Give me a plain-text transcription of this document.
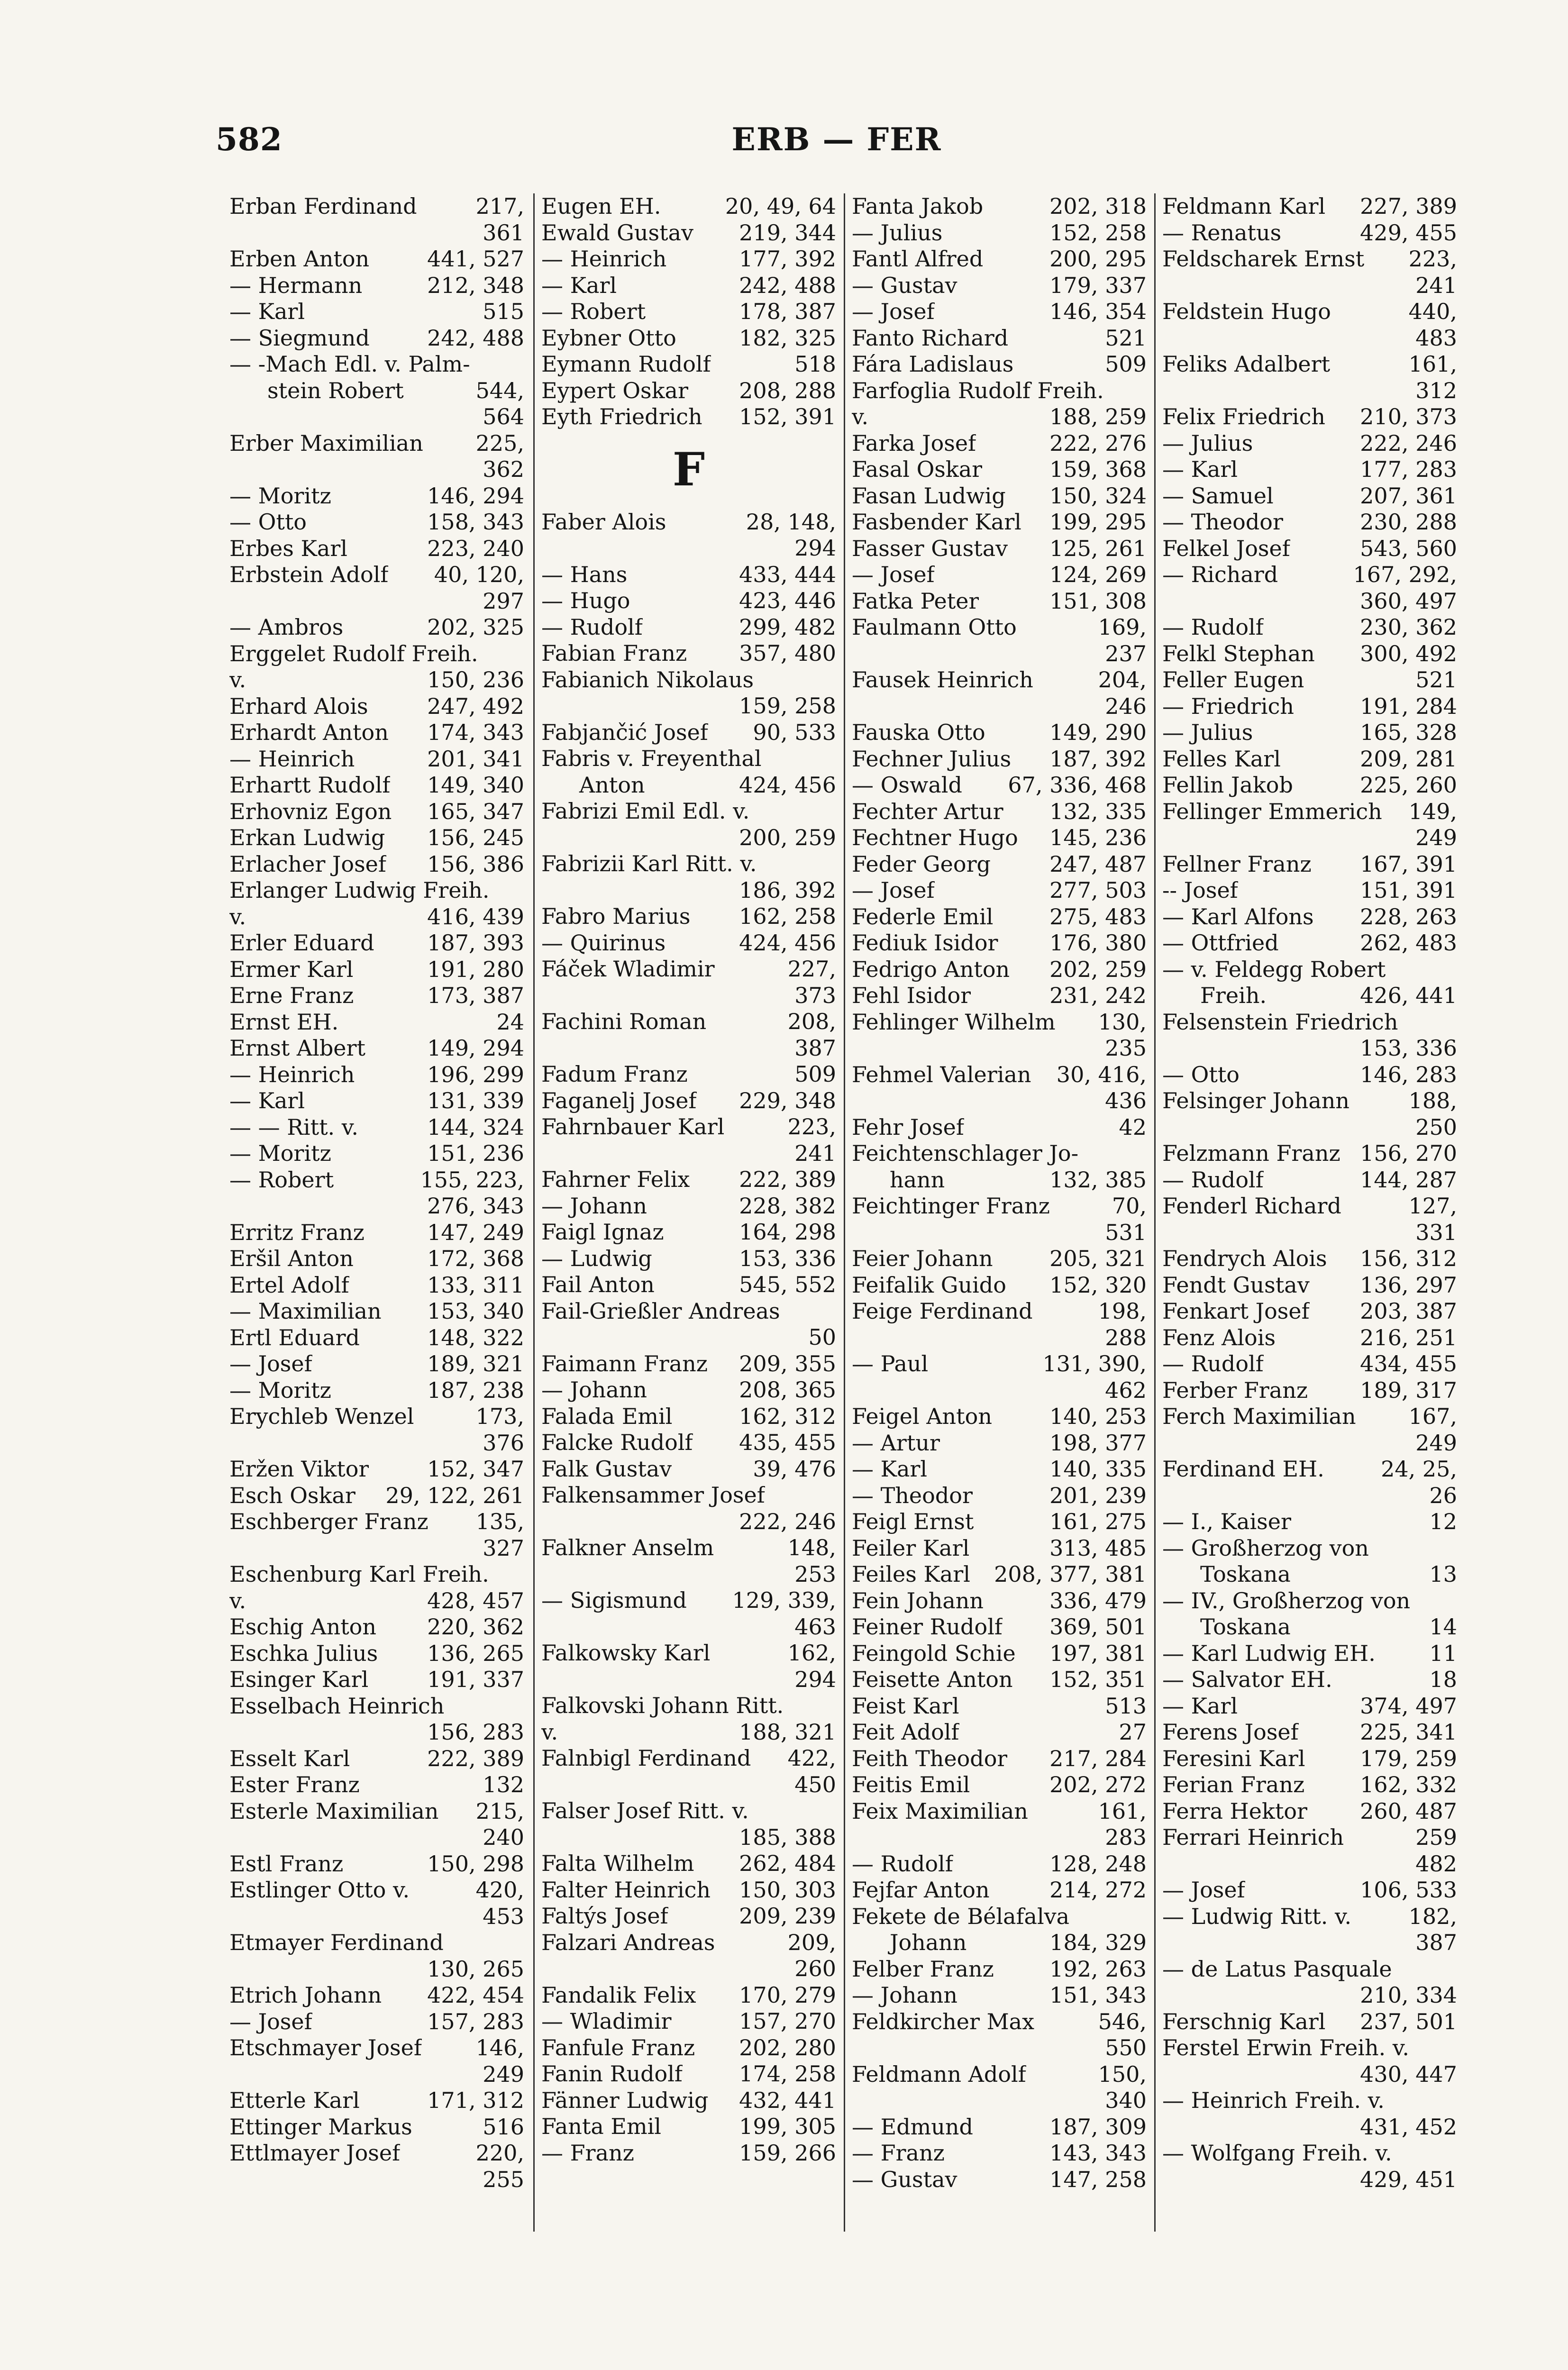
582	ERB — FER
Erban Ferdinand	217,
361
Erben Anton	441, 527
— Hermann	212, 348
— Karl	515
— Siegmund	242, 488
— -Mach Edl. v. Palm-
stein Robert	544,
564
Erber Maximilian 225,
362
— Moritz	146, 294
— Otto	158, 343
Erbes Karl	223, 240
Erbstein Adolf 40, 120,
297
— Ambros	202, 325
Erggelet Rudolf Freih.
v.	150, 236
Erhard Alois	247, 492
Erhardt Anton 174, 343
— Heinrich	201, 341
Erhartt Rudolf 149, 340
Erhovniz Egon 165, 347
Erkan Ludwig 156, 245
Erlacher Josef 156, 386
Erlanger Ludwig Freih.
v.	416, 439
Erler Eduard 187, 393
Ermer Karl	191, 280
Erne Franz	173, 387
Ernst EH.	24
Ernst Albert	149, 294
— Heinrich	196, 299
— Karl	131, 339
— — Ritt. v.	144, 324
— Moritz	151, 236
— Robert	155, 223,
276, 343
Erritz Franz	147, 249
Eršil Anton	172, 368
Ertel Adolf	133, 311
— Maximilian 153, 340
Ertl Eduard	148, 322
— Josef	189, 321
— Moritz	187, 238
Erychleb Wenzel	173,
376
Eržen Viktor	152, 347
Esch Oskar 29, 122, 261
Eschberger Franz 135,
327
Eschenburg Karl Freih.
v.	428, 457
Eschig Anton 220, 362
Eschka Julius 136, 265
Esinger Karl	191, 337
Esselbach Heinrich
156, 283
Esselt Karl	222, 389
Ester Franz	132
Esterle Maximilian 215,
240
Estl Franz	150, 298
Estlinger Otto v.	420,
453
Etmayer Ferdinand
130, 265
Etrich Johann 422, 454
— Josef	157, 283
Etschmayer Josef 146,
249
Etterle Karl	171, 312
Ettinger Markus	516
Ettlmayer Josef	220,
255
Eugen EH.	20, 49, 64
Ewald Gustav 219, 344
— Heinrich	177, 392
— Karl	242, 488
— Robert	178, 387
Eybner Otto	182, 325
Eymann Rudolf	518
Eypert Oskar 208, 288
Eyth Friedrich 152, 391
F
Faber Alois	28, 148,
294
— Hans	433, 444
— Hugo	423, 446
— Rudolf	299, 482
Fabian Franz 357, 480
Fabianich Nikolaus
159, 258
Fabjančić Josef 90, 533
Fabris v. Freyenthal
Anton	424, 456
Fabrizi Emil Edl. v.
200, 259
Fabrizii Karl Ritt. v.
186, 392
Fabro Marius 162, 258
— Quirinus	424, 456
Fáček Wladimir	227,
373
Fachini Roman	208,
387
Fadum Franz	509
Faganelj Josef 229, 348
Fahrnbauer Karl	223,
241
Fahrner Felix 222, 389
— Johann	228, 382
Faigl Ignaz	164, 298
— Ludwig	153, 336
Fail Anton	545, 552
Fail-Grießler Andreas
50
Faimann Franz 209, 355
— Johann	208, 365
Falada Emil	162, 312
Falcke Rudolf 435, 455
Falk Gustav	39, 476
Falkensammer Josef
222, 246
Falkner Anselm	148,
253
— Sigismund 129, 339,
463
Falkowsky Karl	162,
294
Falkovski Johann Ritt.
v.	188, 321
Falnbigl Ferdinand 422,
450
Falser Josef Ritt. v.
185, 388
Falta Wilhelm 262, 484
Falter Heinrich 150, 303
Faltýs Josef	209, 239
Falzari Andreas	209,
260
Fandalik Felix 170, 279
— Wladimir	157, 270
Fanfule Franz 202, 280
Fanin Rudolf	174, 258
Fänner Ludwig 432, 441
Fanta Emil	199, 305
— Franz	159, 266
Fanta Jakob	202, 318
— Julius	152, 258
Fantl Alfred	200, 295
— Gustav	179, 337
— Josef	146, 354
Fanto Richard	521
Fára Ladislaus	509
Farfoglia Rudolf Freih.
v.	188, 259
Farka Josef	222, 276
Fasal Oskar	159, 368
Fasan Ludwig 150, 324
Fasbender Karl 199, 295
Fasser Gustav 125, 261
— Josef	124, 269
Fatka Peter	151, 308
Faulmann Otto	169,
237
Fausek Heinrich	204,
246
Fauska Otto	149, 290
Fechner Julius 187, 392
— Oswald 67, 336, 468
Fechter Artur 132, 335
Fechtner Hugo 145, 236
Feder Georg	247, 487
— Josef	277, 503
Federle Emil	275, 483
Fediuk Isidor 176, 380
Fedrigo Anton 202, 259
Fehl Isidor	231, 242
Fehlinger Wilhelm 130,
235
Fehmel Valerian 30, 416,
436
Fehr Josef	42
Feichtenschlager Jo-
hann	132, 385
Feichtinger Franz	70,
531
Feier Johann	205, 321
Feifalik Guido 152, 320
Feige Ferdinand	198,
288
— Paul	131, 390,
462
Feigel Anton	140, 253
— Artur	198, 377
— Karl	140, 335
— Theodor	201, 239
Feigl Ernst	161, 275
Feiler Karl	313, 485
Feiles Karl 208, 377, 381
Fein Johann	336, 479
Feiner Rudolf 369, 501
Feingold Schie 197, 381
Feisette Anton 152, 351
Feist Karl	513
Feit Adolf	27
Feith Theodor 217, 284
Feitis Emil	202, 272
Feix Maximilian	161,
283
— Rudolf	128, 248
Fejfar Anton	214, 272
Fekete de Bélafalva
Johann	184, 329
Felber Franz	192, 263
— Johann	151, 343
Feldkircher Max	546,
550
Feldmann Adolf	150,
340
— Edmund	187, 309
— Franz	143, 343
— Gustav	147, 258
Feldmann Karl 227, 389
— Renatus	429, 455
Feldscharek Ernst 223,
241
Feldstein Hugo	440,
483
Feliks Adalbert	161,
312
Felix Friedrich 210, 373
— Julius	222, 246
— Karl	177, 283
— Samuel	207, 361
— Theodor	230, 288
Felkel Josef	543, 560
— Richard	167, 292,
360, 497
— Rudolf	230, 362
Felkl Stephan 300, 492
Feller Eugen	521
— Friedrich	191, 284
— Julius	165, 328
Felles Karl	209, 281
Fellin Jakob	225, 260
Fellinger Emmerich 149,
249
Fellner Franz 167, 391
-- Josef	151, 391
— Karl Alfons 228, 263
— Ottfried	262, 483
— v. Feldegg Robert
Freih.	426, 441
Felsenstein Friedrich
153, 336
— Otto	146, 283
Felsinger Johann	188,
250
Felzmann Franz 156, 270
— Rudolf	144, 287
Fenderl Richard	127,
331
Fendrych Alois 156, 312
Fendt Gustav 136, 297
Fenkart Josef 203, 387
Fenz Alois	216, 251
— Rudolf	434, 455
Ferber Franz 189, 317
Ferch Maximilian 167,
249
Ferdinand EH.	24, 25,
26
— I., Kaiser	12
— Großherzog von
Toskana	13
— IV., Großherzog von
Toskana	14
— Karl Ludwig EH. 11
— Salvator EH.	18
— Karl	374, 497
Ferens Josef	225, 341
Feresini Karl	179, 259
Ferian Franz	162, 332
Ferra Hektor 260, 487
Ferrari Heinrich	259
482
— Josef	106, 533
— Ludwig Ritt. v.	182,
387
— de Latus Pasquale
210, 334
Ferschnig Karl 237, 501
Ferstel Erwin Freih. v.
430, 447
— Heinrich Freih. v.
431, 452
— Wolfgang Freih. v.
429, 451
